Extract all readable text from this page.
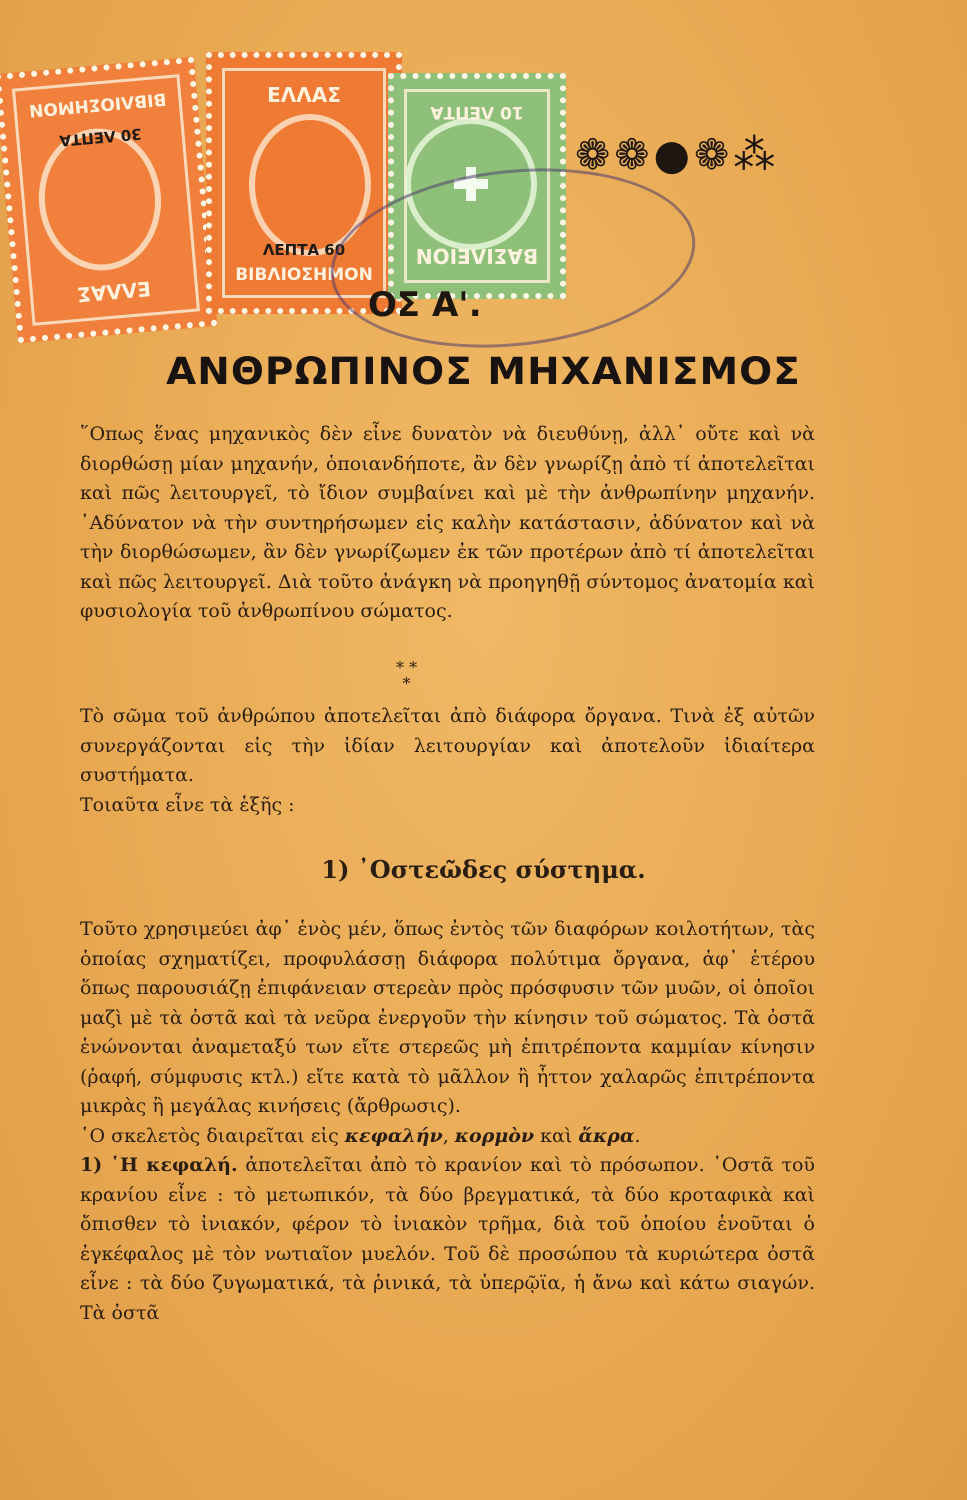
ΕΛΛΑΣ
30 ΛΕΠΤΑ
ΒΙΒΛΙΟΣΗΜΟΝ	ΕΛΛΑΣ
ΛΕΠΤΑ 60
ΒΙΒΛΙΟΣΗΜΟΝ
ΒΑΣΙΛΕΙΟΝ
10 ΛΕΠΤΑ
❁❁●❁⁂
ΟΣ Α'.
ΑΝΘΡΩΠΙΝΟΣ ΜΗΧΑΝΙΣΜΟΣ

῞Οπως ἕνας μηχανικὸς δὲν εἶνε δυνατὸν νὰ διευθύνῃ, ἀλλ᾽ οὔτε καὶ νὰ διορθώσῃ μίαν μηχανήν, ὁποιανδήποτε, ἂν δὲν γνωρίζῃ ἀπὸ τί ἀποτελεῖται καὶ πῶς λειτουργεῖ, τὸ ἴδιον συμβαίνει καὶ μὲ τὴν ἀνθρωπίνην μηχανήν. ᾽Αδύνατον νὰ τὴν συντηρήσωμεν εἰς καλὴν κατάστασιν, ἀδύνατον καὶ νὰ τὴν διορθώσωμεν, ἂν δὲν γνωρίζωμεν ἐκ τῶν προτέρων ἀπὸ τί ἀποτελεῖται καὶ πῶς λειτουργεῖ. Διὰ τοῦτο ἀνάγκη νὰ προηγηθῇ σύντομος ἀνατομία καὶ φυσιολογία τοῦ ἀνθρωπίνου σώματος.

* *
*

Τὸ σῶμα τοῦ ἀνθρώπου ἀποτελεῖται ἀπὸ διάφορα ὄργανα. Τινὰ ἐξ αὐτῶν συνεργάζονται εἰς τὴν ἰδίαν λειτουργίαν καὶ ἀποτελοῦν ἰδιαίτερα συστήματα.

Τοιαῦτα εἶνε τὰ ἑξῆς :

1) ᾿Οστεῶδες σύστημα.

Τοῦτο χρησιμεύει ἀφ᾽ ἑνὸς μέν, ὅπως ἐντὸς τῶν διαφόρων κοιλοτήτων, τὰς ὁποίας σχηματίζει, προφυλάσσῃ διάφορα πολύτιμα ὄργανα, ἀφ᾽ ἑτέρου ὅπως παρουσιάζῃ ἐπιφάνειαν στερεὰν πρὸς πρόσφυσιν τῶν μυῶν, οἱ ὁποῖοι μαζὶ μὲ τὰ ὀστᾶ καὶ τὰ νεῦρα ἐνεργοῦν τὴν κίνησιν τοῦ σώματος. Τὰ ὀστᾶ ἑνώνονται ἀναμεταξύ των εἴτε στερεῶς μὴ ἐπιτρέποντα καμμίαν κίνησιν (ῥαφή, σύμφυσις κτλ.) εἴτε κατὰ τὸ μᾶλλον ἢ ἧττον χαλαρῶς ἐπιτρέποντα μικρὰς ἢ μεγάλας κινήσεις (ἄρθρωσις).

῾Ο σκελετὸς διαιρεῖται εἰς κεφαλήν, κορμὸν καὶ ἄκρα.

1) ῾Η κεφαλή. ἀποτελεῖται ἀπὸ τὸ κρανίον καὶ τὸ πρόσωπον. ᾿Οστᾶ τοῦ κρανίου εἶνε : τὸ μετωπικόν, τὰ δύο βρεγματικά, τὰ δύο κροταφικὰ καὶ ὄπισθεν τὸ ἰνιακόν, φέρον τὸ ἰνιακὸν τρῆμα, διὰ τοῦ ὁποίου ἑνοῦται ὁ ἐγκέφαλος μὲ τὸν νωτιαῖον μυελόν. Τοῦ δὲ προσώπου τὰ κυριώτερα ὀστᾶ εἶνε : τὰ δύο ζυγωματικά, τὰ ῥινικά, τὰ ὑπερῷϊα, ἡ ἄνω καὶ κάτω σιαγών. Τὰ ὀστᾶ
